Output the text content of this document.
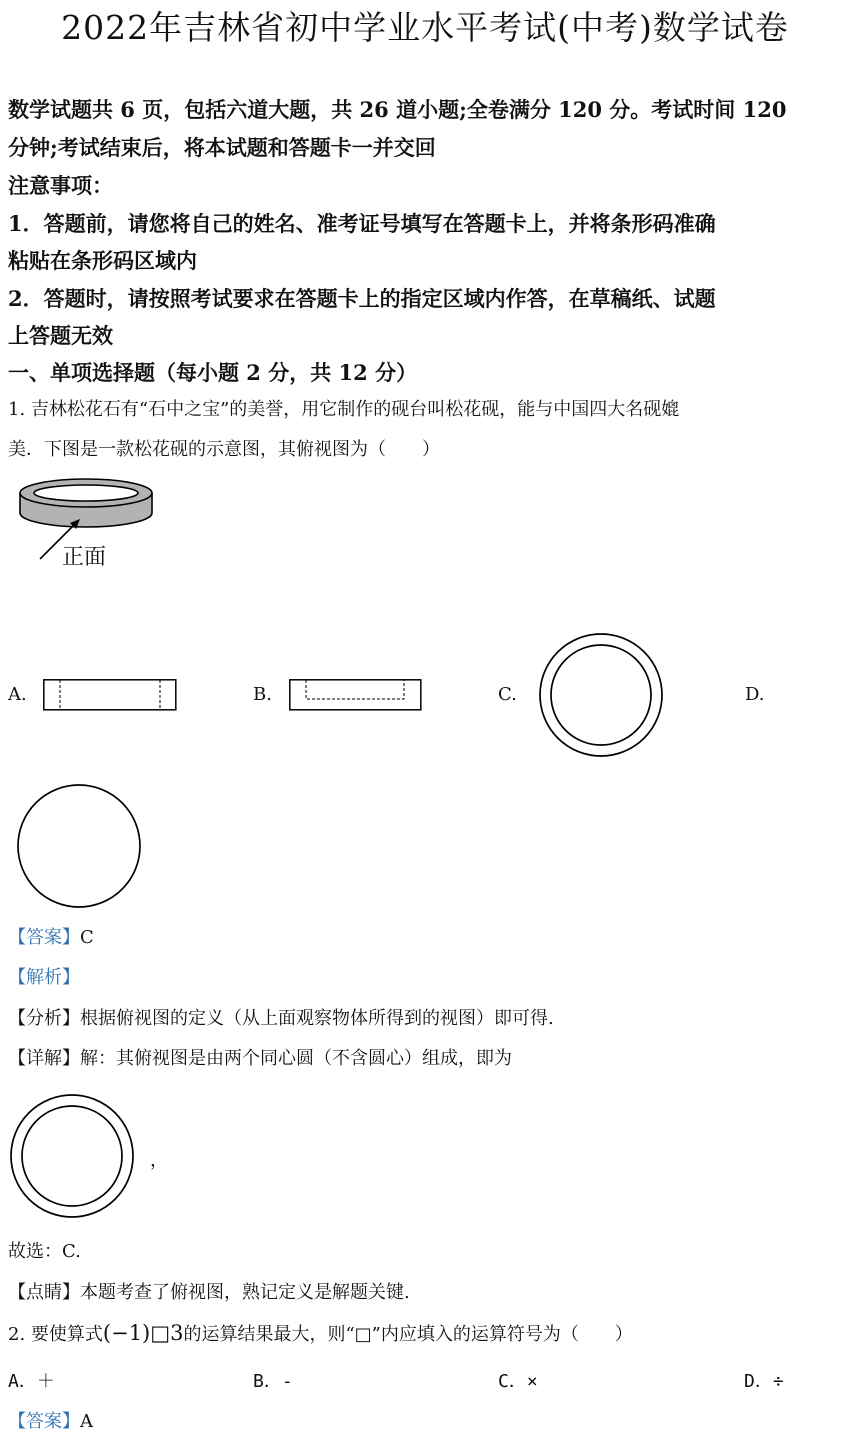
2022年吉林省初中学业水平考试(中考)数学试卷
数学试题共 6 页，包括六道大题，共 26 道小题;全卷满分 120 分。考试时间 120
分钟;考试结束后，将本试题和答题卡一并交回
注意事项：
1．答题前，请您将自己的姓名、准考证号填写在答题卡上，并将条形码准确
粘贴在条形码区域内
2．答题时，请按照考试要求在答题卡上的指定区域内作答，在草稿纸、试题
上答题无效
一、单项选择题（每小题 2 分，共 12 分）
1. 吉林松花石有“石中之宝”的美誉，用它制作的砚台叫松花砚，能与中国四大名砚媲
美．下图是一款松花砚的示意图，其俯视图为（　　）
正面
A.	B.	C.	D.
【答案】C
【解析】
【分析】根据俯视图的定义（从上面观察物体所得到的视图）即可得.
【详解】解：其俯视图是由两个同心圆（不含圆心）组成，即为
，
故选：C.
【点睛】本题考查了俯视图，熟记定义是解题关键.
2. 要使算式(−1)□3的运算结果最大，则“□”内应填入的运算符号为（　　）
A．＋	B．-	C．×	D．÷
【答案】A
